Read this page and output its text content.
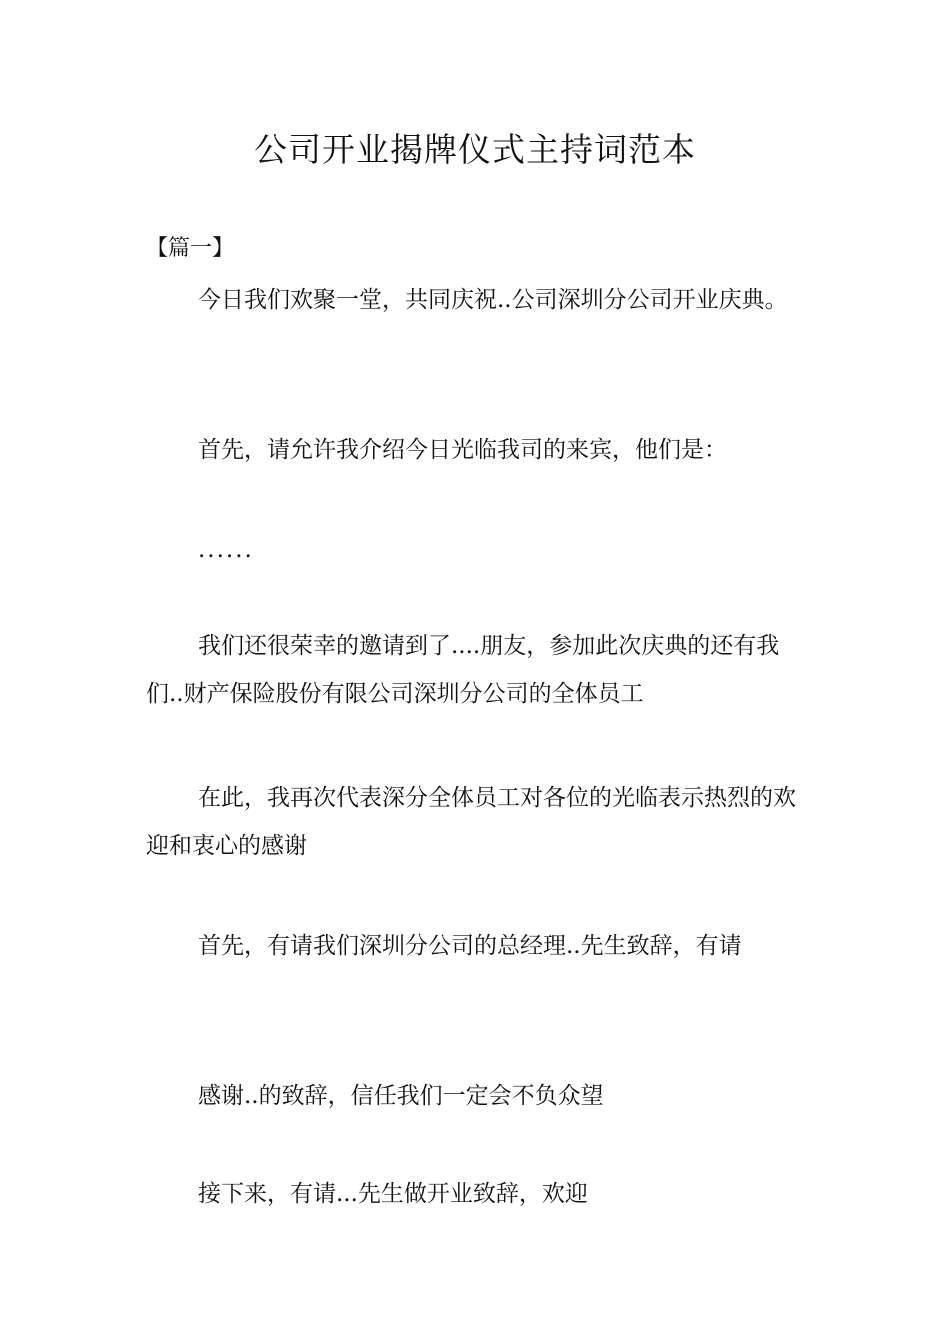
公司开业揭牌仪式主持词范本

【篇一】

今日我们欢聚一堂，共同庆祝..公司深圳分公司开业庆典。

首先，请允许我介绍今日光临我司的来宾，他们是：

......

我们还很荣幸的邀请到了....朋友，参加此次庆典的还有我们..财产保险股份有限公司深圳分公司的全体员工

在此，我再次代表深分全体员工对各位的光临表示热烈的欢迎和衷心的感谢

首先，有请我们深圳分公司的总经理..先生致辞，有请

感谢..的致辞，信任我们一定会不负众望

接下来，有请...先生做开业致辞，欢迎
